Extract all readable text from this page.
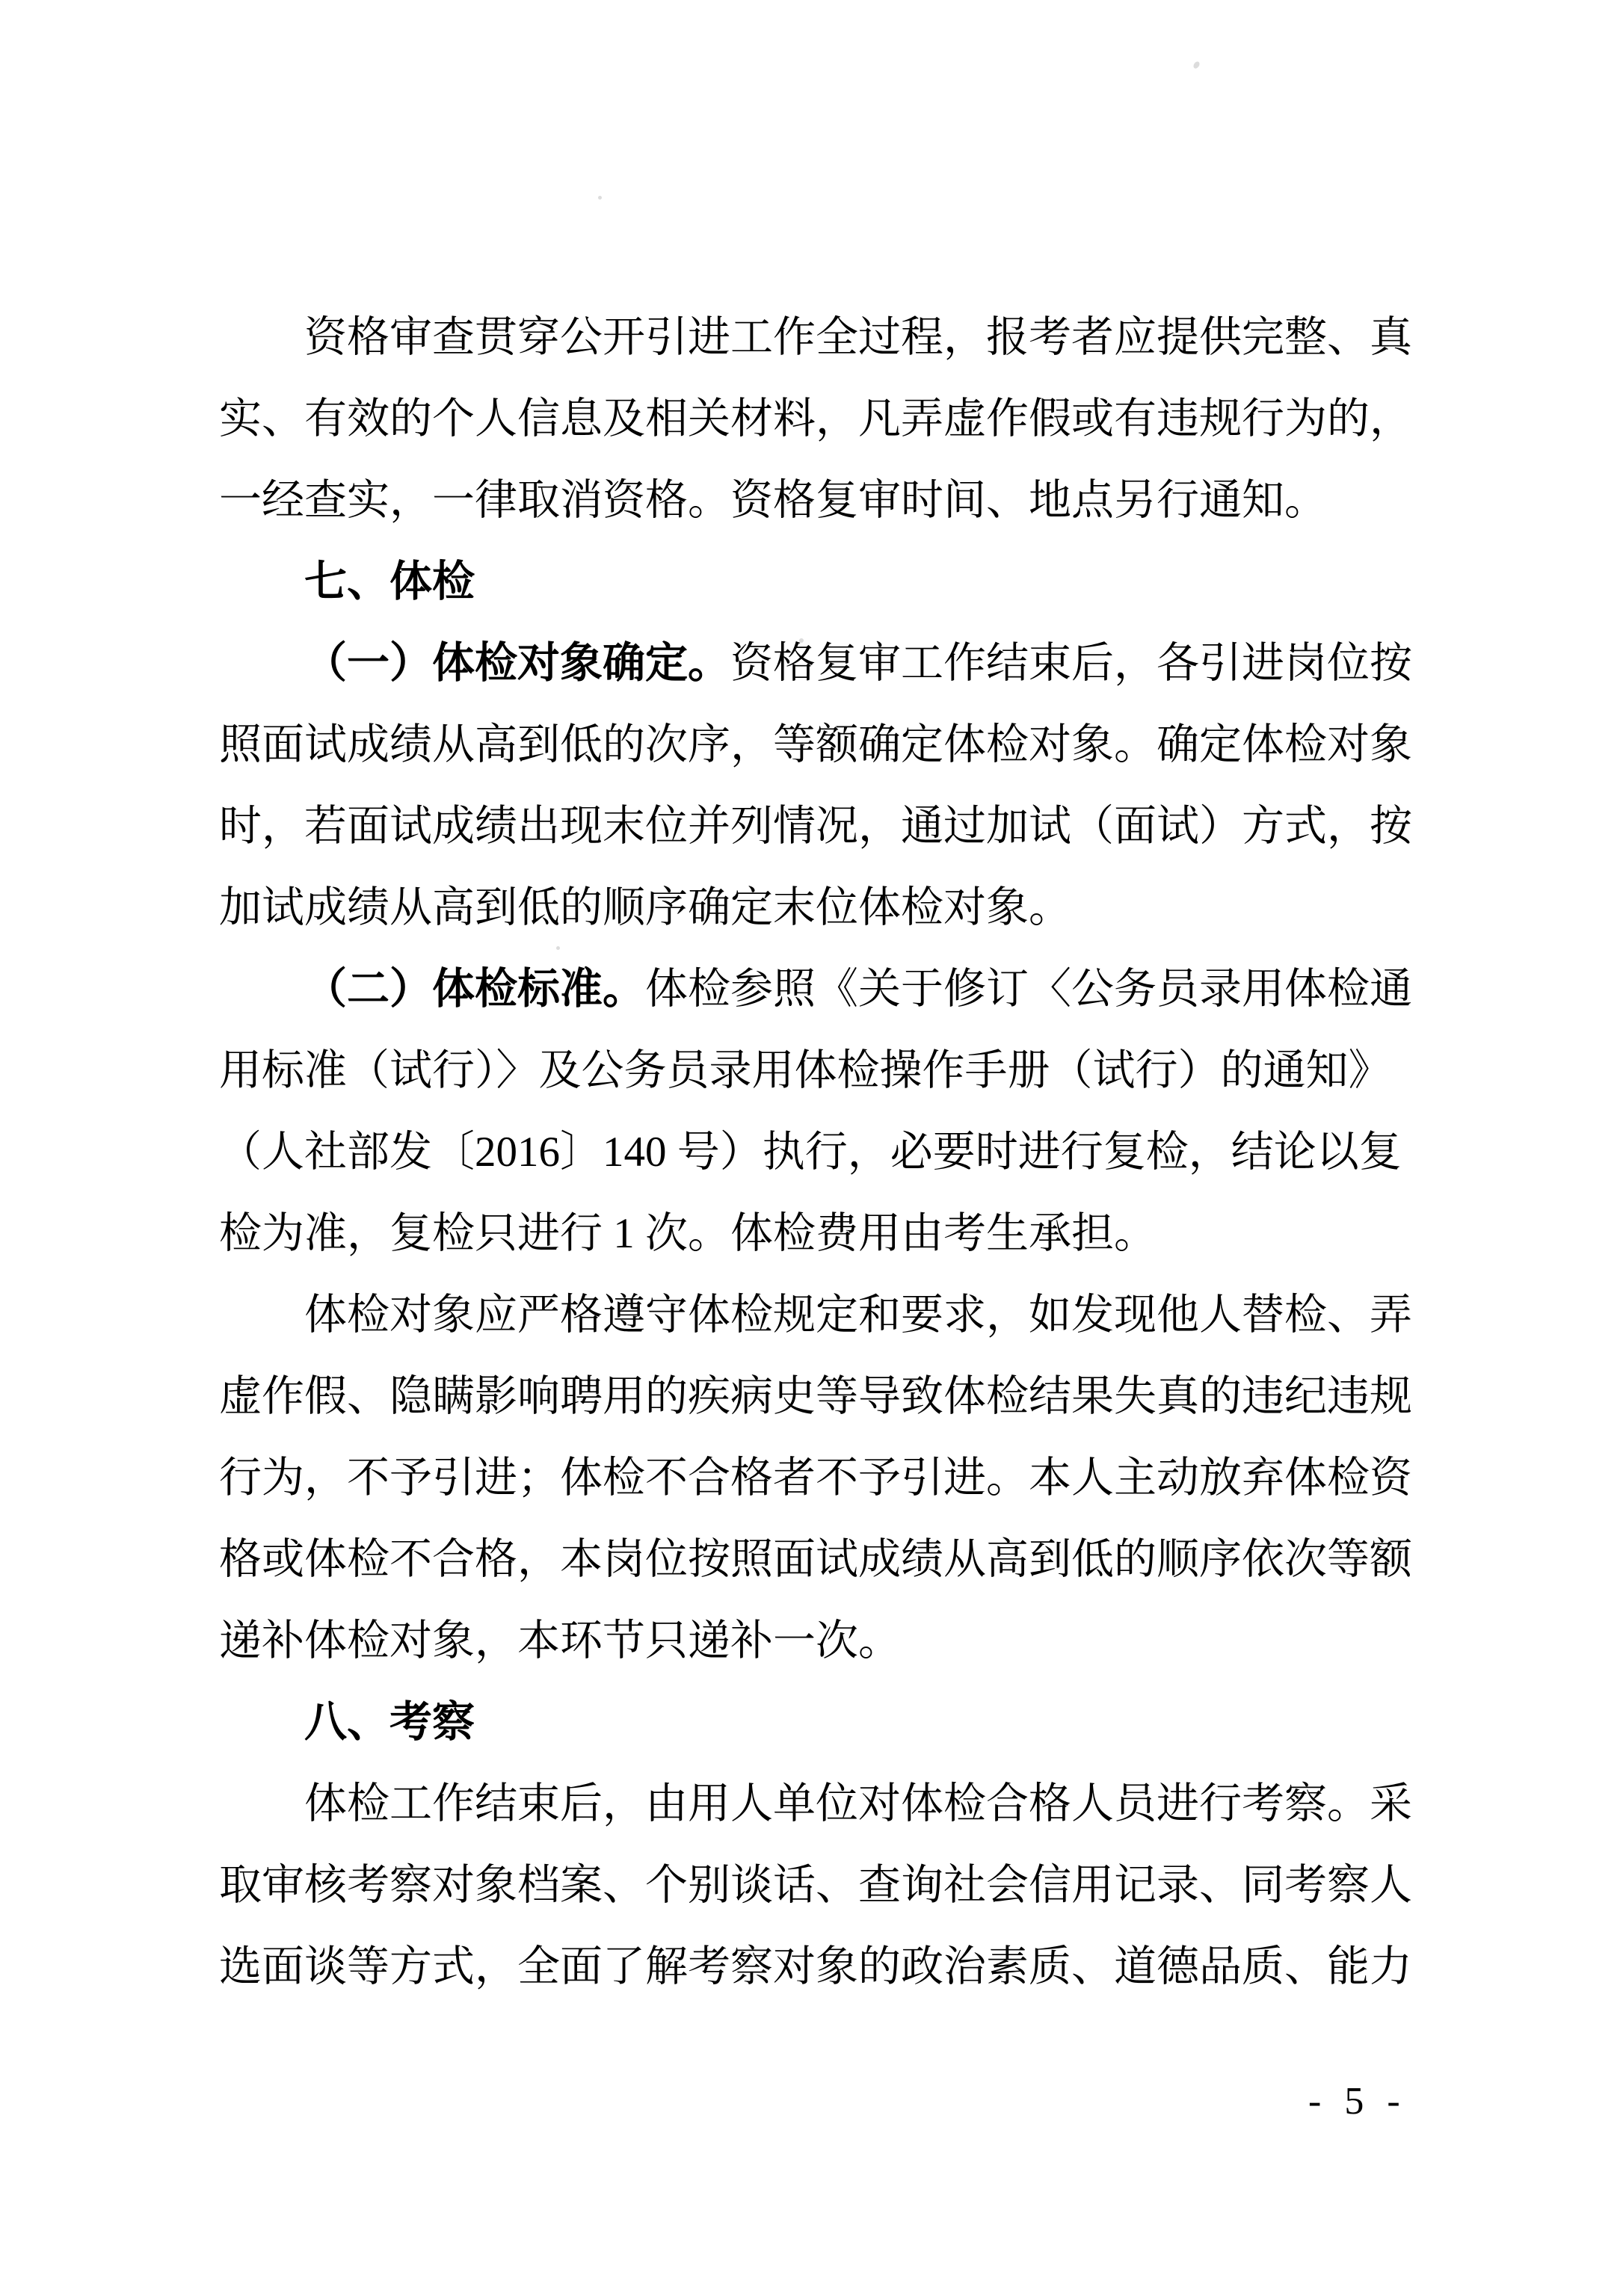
资格审查贯穿公开引进工作全过程，报考者应提供完整、真

实、有效的个人信息及相关材料，凡弄虚作假或有违规行为的，

一经查实，一律取消资格。资格复审时间、地点另行通知。

七、体检

（一）体检对象确定。资格复审工作结束后，各引进岗位按

照面试成绩从高到低的次序，等额确定体检对象。确定体检对象

时，若面试成绩出现末位并列情况，通过加试（面试）方式，按

加试成绩从高到低的顺序确定末位体检对象。

（二）体检标准。体检参照《关于修订〈公务员录用体检通

用标准（试行）〉及公务员录用体检操作手册（试行）的通知》

（人社部发〔2016〕140 号）执行，必要时进行复检，结论以复

检为准，复检只进行 1 次。体检费用由考生承担。

体检对象应严格遵守体检规定和要求，如发现他人替检、弄

虚作假、隐瞒影响聘用的疾病史等导致体检结果失真的违纪违规

行为，不予引进；体检不合格者不予引进。本人主动放弃体检资

格或体检不合格，本岗位按照面试成绩从高到低的顺序依次等额

递补体检对象，本环节只递补一次。

八、考察

体检工作结束后，由用人单位对体检合格人员进行考察。采

取审核考察对象档案、个别谈话、查询社会信用记录、同考察人

选面谈等方式，全面了解考察对象的政治素质、道德品质、能力

- 5 -
